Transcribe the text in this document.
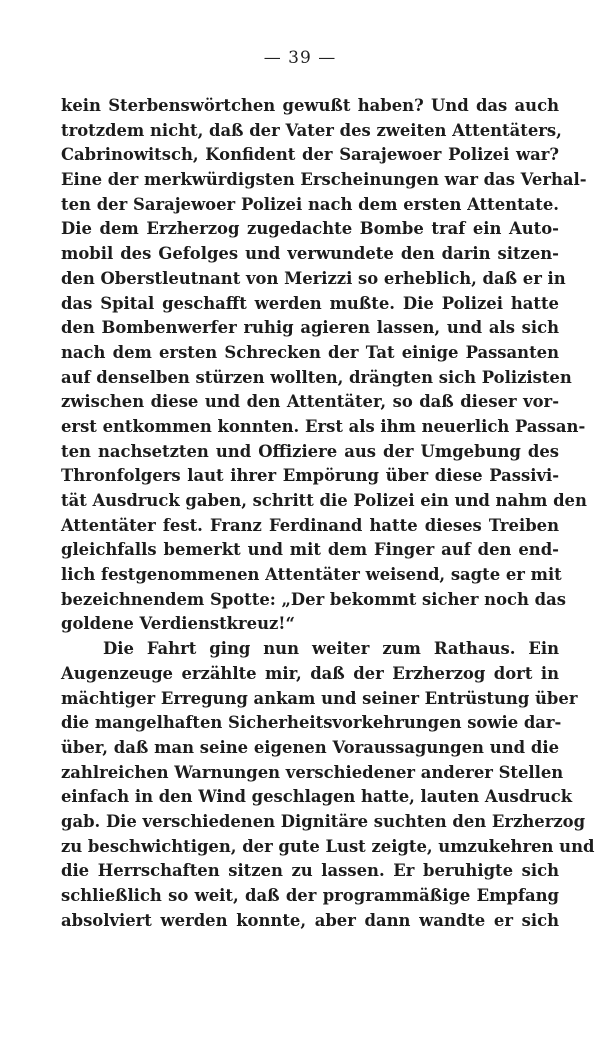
— 39 —
kein Sterbenswörtchen gewußt haben? Und das auch
trotzdem nicht, daß der Vater des zweiten Attentäters,
Cabrinowitsch, Konfident der Sarajewoer Polizei war?
Eine der merkwürdigsten Erscheinungen war das Verhal-
ten der Sarajewoer Polizei nach dem ersten Attentate.
Die dem Erzherzog zugedachte Bombe traf ein Auto-
mobil des Gefolges und verwundete den darin sitzen-
den Oberstleutnant von Merizzi so erheblich, daß er in
das Spital geschafft werden mußte. Die Polizei hatte
den Bombenwerfer ruhig agieren lassen, und als sich
nach dem ersten Schrecken der Tat einige Passanten
auf denselben stürzen wollten, drängten sich Polizisten
zwischen diese und den Attentäter, so daß dieser vor-
erst entkommen konnten. Erst als ihm neuerlich Passan-
ten nachsetzten und Offiziere aus der Umgebung des
Thronfolgers laut ihrer Empörung über diese Passivi-
tät Ausdruck gaben, schritt die Polizei ein und nahm den
Attentäter fest. Franz Ferdinand hatte dieses Treiben
gleichfalls bemerkt und mit dem Finger auf den end-
lich festgenommenen Attentäter weisend, sagte er mit
bezeichnendem Spotte: „Der bekommt sicher noch das
goldene Verdienstkreuz!“
Die Fahrt ging nun weiter zum Rathaus. Ein
Augenzeuge erzählte mir, daß der Erzherzog dort in
mächtiger Erregung ankam und seiner Entrüstung über
die mangelhaften Sicherheitsvorkehrungen sowie dar-
über, daß man seine eigenen Voraussagungen und die
zahlreichen Warnungen verschiedener anderer Stellen
einfach in den Wind geschlagen hatte, lauten Ausdruck
gab. Die verschiedenen Dignitäre suchten den Erzherzog
zu beschwichtigen, der gute Lust zeigte, umzukehren und
die Herrschaften sitzen zu lassen. Er beruhigte sich
schließlich so weit, daß der programmäßige Empfang
absolviert werden konnte, aber dann wandte er sich
